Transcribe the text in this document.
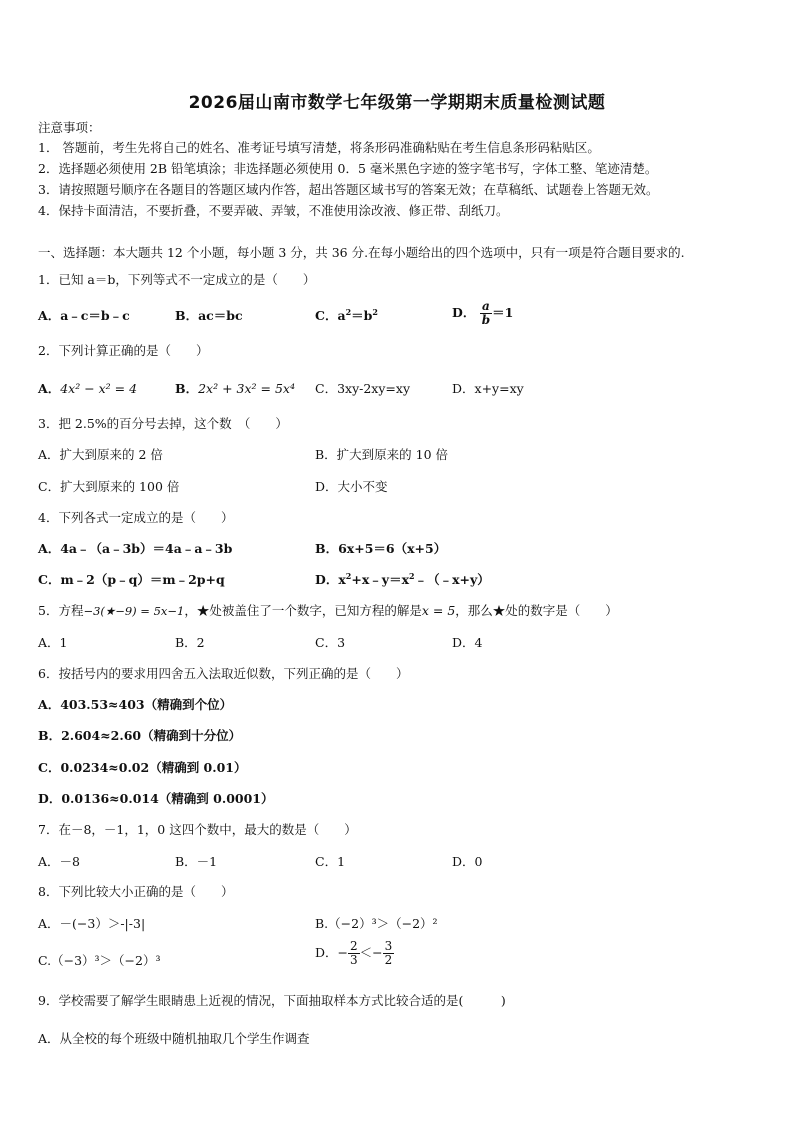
2026届山南市数学七年级第一学期期末质量检测试题
注意事项：
1． 答题前，考生先将自己的姓名、准考证号填写清楚，将条形码准确粘贴在考生信息条形码粘贴区。
2．选择题必须使用 2B 铅笔填涂；非选择题必须使用 0．5 毫米黑色字迹的签字笔书写，字体工整、笔迹清楚。
3．请按照题号顺序在各题目的答题区域内作答，超出答题区域书写的答案无效；在草稿纸、试题卷上答题无效。
4．保持卡面清洁，不要折叠，不要弄破、弄皱，不准使用涂改液、修正带、刮纸刀。
一、选择题：本大题共 12 个小题，每小题 3 分，共 36 分.在每小题给出的四个选项中，只有一项是符合题目要求的.
1．已知 a＝b，下列等式不一定成立的是（　　）
A．a﹣c＝b﹣c	B．ac＝bc	C．$a^2=b^2$	D． $\frac{a}{b} =1$
2．下列计算正确的是（　　）
A．4x² − x² = 4	B．2x² + 3x² = 5x⁴ C．3xy-2xy=xy	D．x+y=xy
3．把 2.5%的百分号去掉，这个数　（　　）
A．扩大到原来的 2 倍	B．扩大到原来的 10 倍
C．扩大到原来的 100 倍	D．大小不变
4．下列各式一定成立的是（　　）
A．4a﹣（a﹣3b）＝4a﹣a﹣3b	B．6x+5＝6（x+5）
C．m﹣2（p﹣q）＝m﹣2p+q	D．$x^2+x﹣y=x^2﹣(﹣x+y)$
5．方程−3(★−9) = 5x−1，★处被盖住了一个数字，已知方程的解是x = 5，那么★处的数字是（　　）
A．1	B．2	C．3	D．4
6．按括号内的要求用四舍五入法取近似数，下列正确的是（　　）
A．403.53≈403（精确到个位）
B．2.604≈2.60（精确到十分位）
C．0.0234≈0.02（精确到 0.01）
D．0.0136≈0.014（精确到 0.0001）
7．在－8，－1，1，0 这四个数中，最大的数是（　　）
A．－8	B．－1	C．1	D．0
8．下列比较大小正确的是（　　）
A．－(−3）＞-|-3|	B.（−2）³＞（−2）²
C.（−3）³＞（−2）³
D．− $\frac{2}{3} <- \frac{3}{2}$
9．学校需要了解学生眼睛患上近视的情况，下面抽取样本方式比较合适的是(　　　)
A．从全校的每个班级中随机抽取几个学生作调查
